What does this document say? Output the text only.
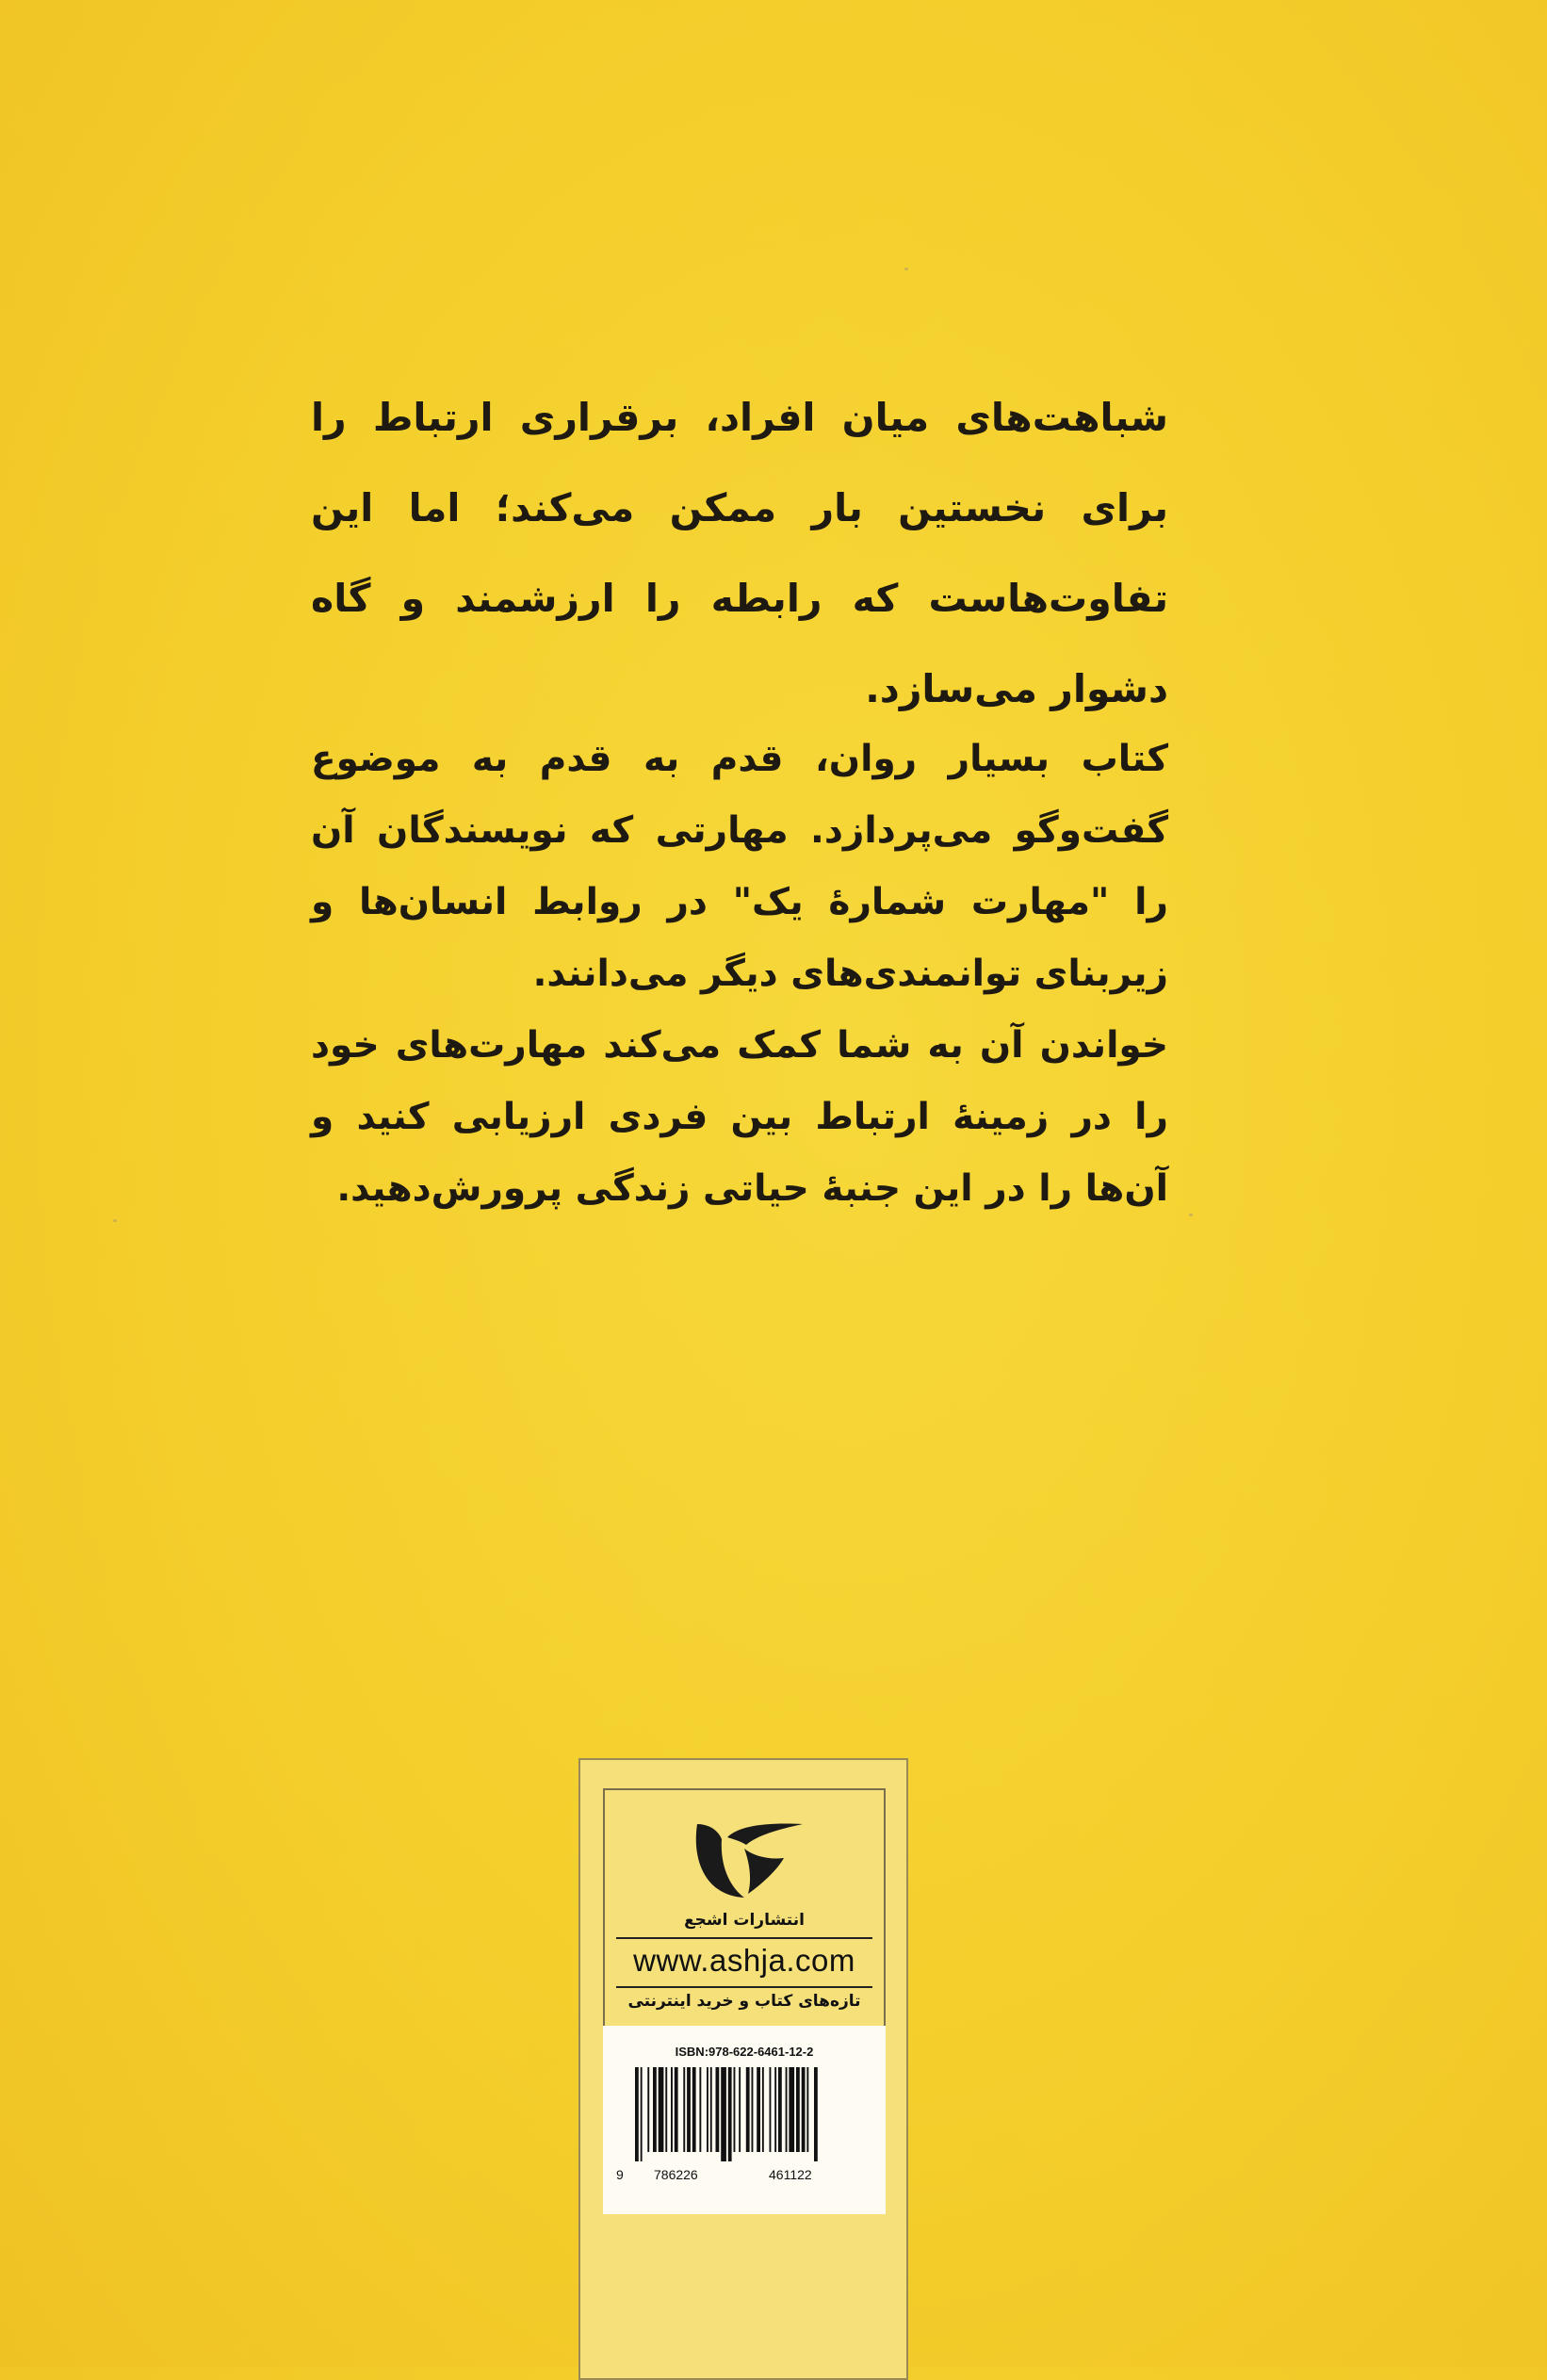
شباهت‌های میان افراد، برقراری ارتباط را برای نخستین بار ممکن می‌کند؛ اما این تفاوت‌هاست که رابطه را ارزشمند و گاه دشوار می‌سازد.

کتاب بسیار روان، قدم به قدم به موضوع گفت‌وگو می‌پردازد. مهارتی که نویسندگان آن را "مهارت شمارهٔ یک" در روابط انسان‌ها و زیربنای توانمندی‌های دیگر می‌دانند.

خواندن آن به شما کمک می‌کند مهارت‌های خود را در زمینهٔ ارتباط بین فردی ارزیابی کنید و آن‌ها را در این جنبهٔ حیاتی زندگی پرورش‌دهید.

انتشارات اشجع
www.ashja.com
تازه‌های کتاب و خرید اینترنتی
ISBN:978-622-6461-12-2
9 786226	461122
